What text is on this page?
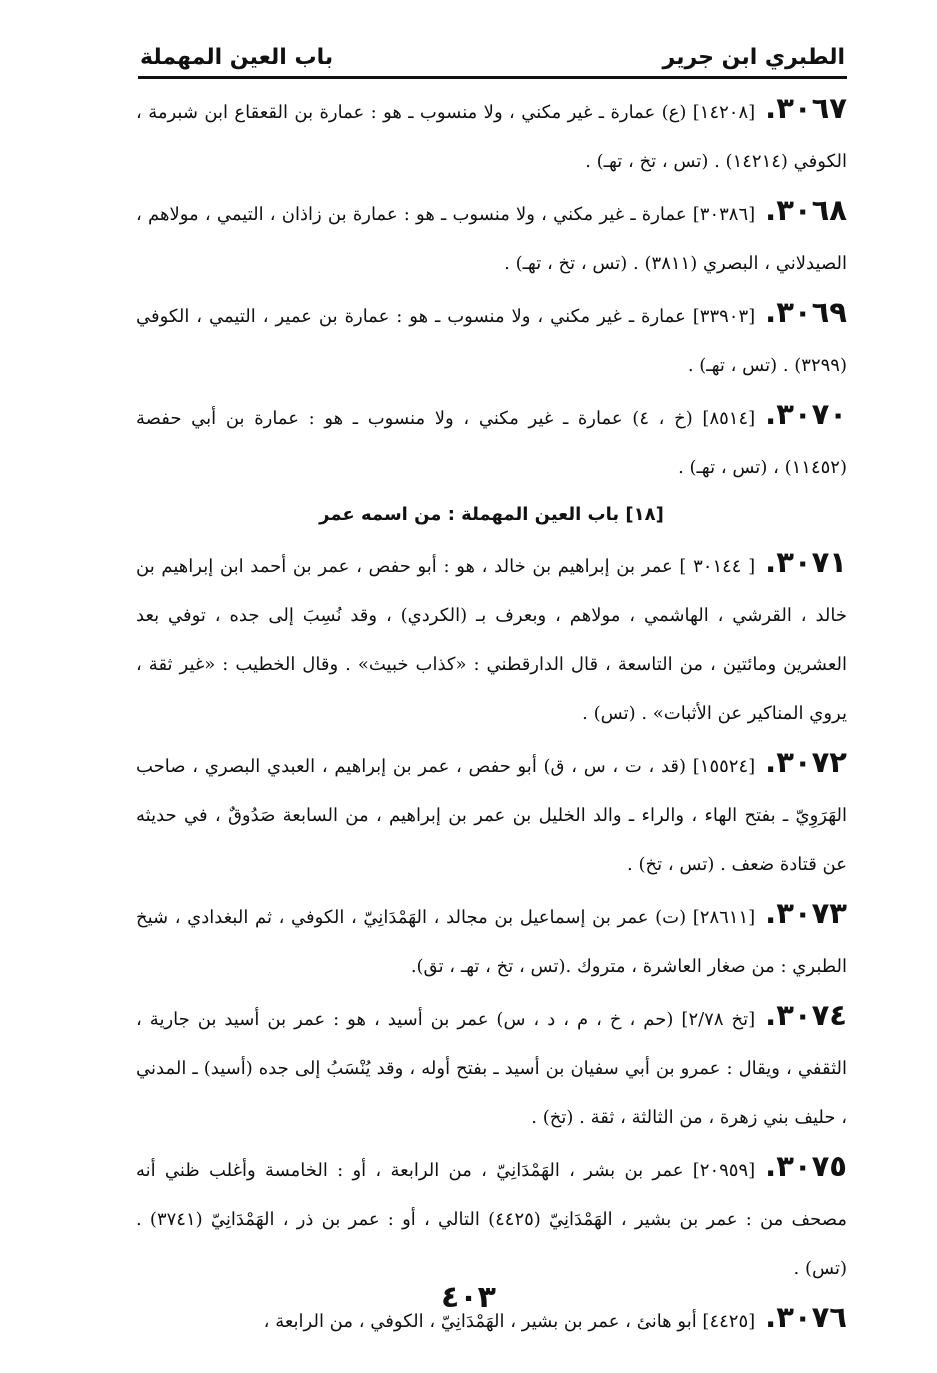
الطبري ابن جرير
باب العين المهملة

٣٠٦٧.[١٤٢٠٨] (ع) عمارة ـ غير مكني ، ولا منسوب ـ هو : عمارة بن القعقاع ابن شبرمة ، الكوفي (١٤٢١٤) . (تس ، تخ ، تهـ) .

٣٠٦٨.[٣٠٣٨٦] عمارة ـ غير مكني ، ولا منسوب ـ هو : عمارة بن زاذان ، التيمي ، مولاهم ، الصيدلاني ، البصري (٣٨١١) . (تس ، تخ ، تهـ) .

٣٠٦٩.[٣٣٩٠٣] عمارة ـ غير مكني ، ولا منسوب ـ هو : عمارة بن عمير ، التيمي ، الكوفي (٣٢٩٩) . (تس ، تهـ) .

٣٠٧٠.[٨٥١٤] (خ ، ٤) عمارة ـ غير مكني ، ولا منسوب ـ هو : عمارة بن أبي حفصة (١١٤٥٢) ، (تس ، تهـ) .

[١٨] باب العين المهملة : من اسمه عمر

٣٠٧١.[ ٣٠١٤٤ ] عمر بن إبراهيم بن خالد ، هو : أبو حفص ، عمر بن أحمد ابن إبراهيم بن خالد ، القرشي ، الهاشمي ، مولاهم ، وبعرف بـ (الكردي) ، وقد نُسِبَ إلى جده ، توفي بعد العشرين ومائتين ، من التاسعة ، قال الدارقطني : «كذاب خبيث» . وقال الخطيب : «غير ثقة ، يروي المناكير عن الأثبات» . (تس) .

٣٠٧٢.[١٥٥٢٤] (قد ، ت ، س ، ق) أبو حفص ، عمر بن إبراهيم ، العبدي البصري ، صاحب الهَرَوِيّ ـ بفتح الهاء ، والراء ـ والد الخليل بن عمر بن إبراهيم ، من السابعة صَدُوقٌ ، في حديثه عن قتادة ضعف . (تس ، تخ) .

٣٠٧٣.[٢٨٦١١] (ت) عمر بن إسماعيل بن مجالد ، الهَمْدَانِيّ ، الكوفي ، ثم البغدادي ، شيخ الطبري : من صغار العاشرة ، متروك .(تس ، تخ ، تهـ ، تق).

٣٠٧٤.[تخ ٢/٧٨] (حم ، خ ، م ، د ، س) عمر بن أسيد ، هو : عمر بن أسيد بن جارية ، الثقفي ، ويقال : عمرو بن أبي سفيان بن أسيد ـ بفتح أوله ، وقد يُنْسَبُ إلى جده (أسيد) ـ المدني ، حليف بني زهرة ، من الثالثة ، ثقة . (تخ) .

٣٠٧٥.[٢٠٩٥٩] عمر بن بشر ، الهَمْدَانِيّ ، من الرابعة ، أو : الخامسة وأغلب ظني أنه مصحف من : عمر بن بشير ، الهَمْدَانِيّ (٤٤٢٥) التالي ، أو : عمر بن ذر ، الهَمْدَانِيّ (٣٧٤١) . (تس) .

٣٠٧٦.[٤٤٢٥] أبو هانئ ، عمر بن بشير ، الهَمْدَانِيّ ، الكوفي ، من الرابعة ،

٤٠٣
